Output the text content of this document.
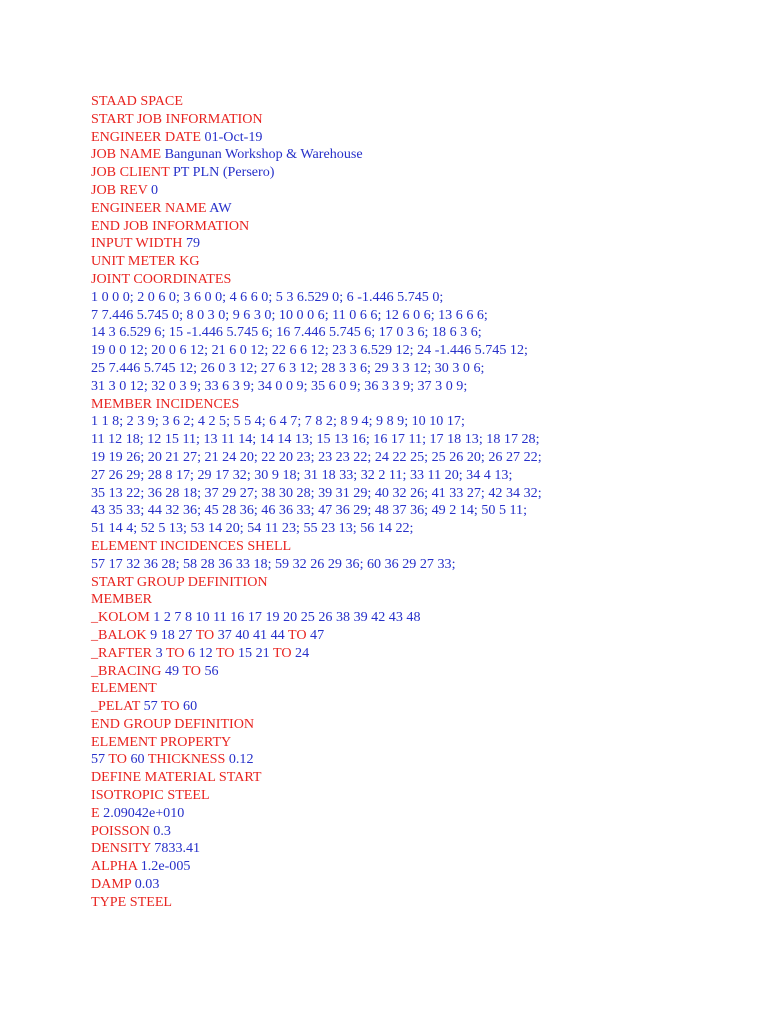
STAAD SPACE
START JOB INFORMATION
ENGINEER DATE 01-Oct-19
JOB NAME Bangunan Workshop & Warehouse
JOB CLIENT PT PLN (Persero)
JOB REV 0
ENGINEER NAME AW
END JOB INFORMATION
INPUT WIDTH 79
UNIT METER KG
JOINT COORDINATES
1 0 0 0; 2 0 6 0; 3 6 0 0; 4 6 6 0; 5 3 6.529 0; 6 -1.446 5.745 0;
7 7.446 5.745 0; 8 0 3 0; 9 6 3 0; 10 0 0 6; 11 0 6 6; 12 6 0 6; 13 6 6 6;
14 3 6.529 6; 15 -1.446 5.745 6; 16 7.446 5.745 6; 17 0 3 6; 18 6 3 6;
19 0 0 12; 20 0 6 12; 21 6 0 12; 22 6 6 12; 23 3 6.529 12; 24 -1.446 5.745 12;
25 7.446 5.745 12; 26 0 3 12; 27 6 3 12; 28 3 3 6; 29 3 3 12; 30 3 0 6;
31 3 0 12; 32 0 3 9; 33 6 3 9; 34 0 0 9; 35 6 0 9; 36 3 3 9; 37 3 0 9;
MEMBER INCIDENCES
1 1 8; 2 3 9; 3 6 2; 4 2 5; 5 5 4; 6 4 7; 7 8 2; 8 9 4; 9 8 9; 10 10 17;
11 12 18; 12 15 11; 13 11 14; 14 14 13; 15 13 16; 16 17 11; 17 18 13; 18 17 28;
19 19 26; 20 21 27; 21 24 20; 22 20 23; 23 23 22; 24 22 25; 25 26 20; 26 27 22;
27 26 29; 28 8 17; 29 17 32; 30 9 18; 31 18 33; 32 2 11; 33 11 20; 34 4 13;
35 13 22; 36 28 18; 37 29 27; 38 30 28; 39 31 29; 40 32 26; 41 33 27; 42 34 32;
43 35 33; 44 32 36; 45 28 36; 46 36 33; 47 36 29; 48 37 36; 49 2 14; 50 5 11;
51 14 4; 52 5 13; 53 14 20; 54 11 23; 55 23 13; 56 14 22;
ELEMENT INCIDENCES SHELL
57 17 32 36 28; 58 28 36 33 18; 59 32 26 29 36; 60 36 29 27 33;
START GROUP DEFINITION
MEMBER
_KOLOM 1 2 7 8 10 11 16 17 19 20 25 26 38 39 42 43 48
_BALOK 9 18 27 TO 37 40 41 44 TO 47
_RAFTER 3 TO 6 12 TO 15 21 TO 24
_BRACING 49 TO 56
ELEMENT
_PELAT 57 TO 60
END GROUP DEFINITION
ELEMENT PROPERTY
57 TO 60 THICKNESS 0.12
DEFINE MATERIAL START
ISOTROPIC STEEL
E 2.09042e+010
POISSON 0.3
DENSITY 7833.41
ALPHA 1.2e-005
DAMP 0.03
TYPE STEEL
